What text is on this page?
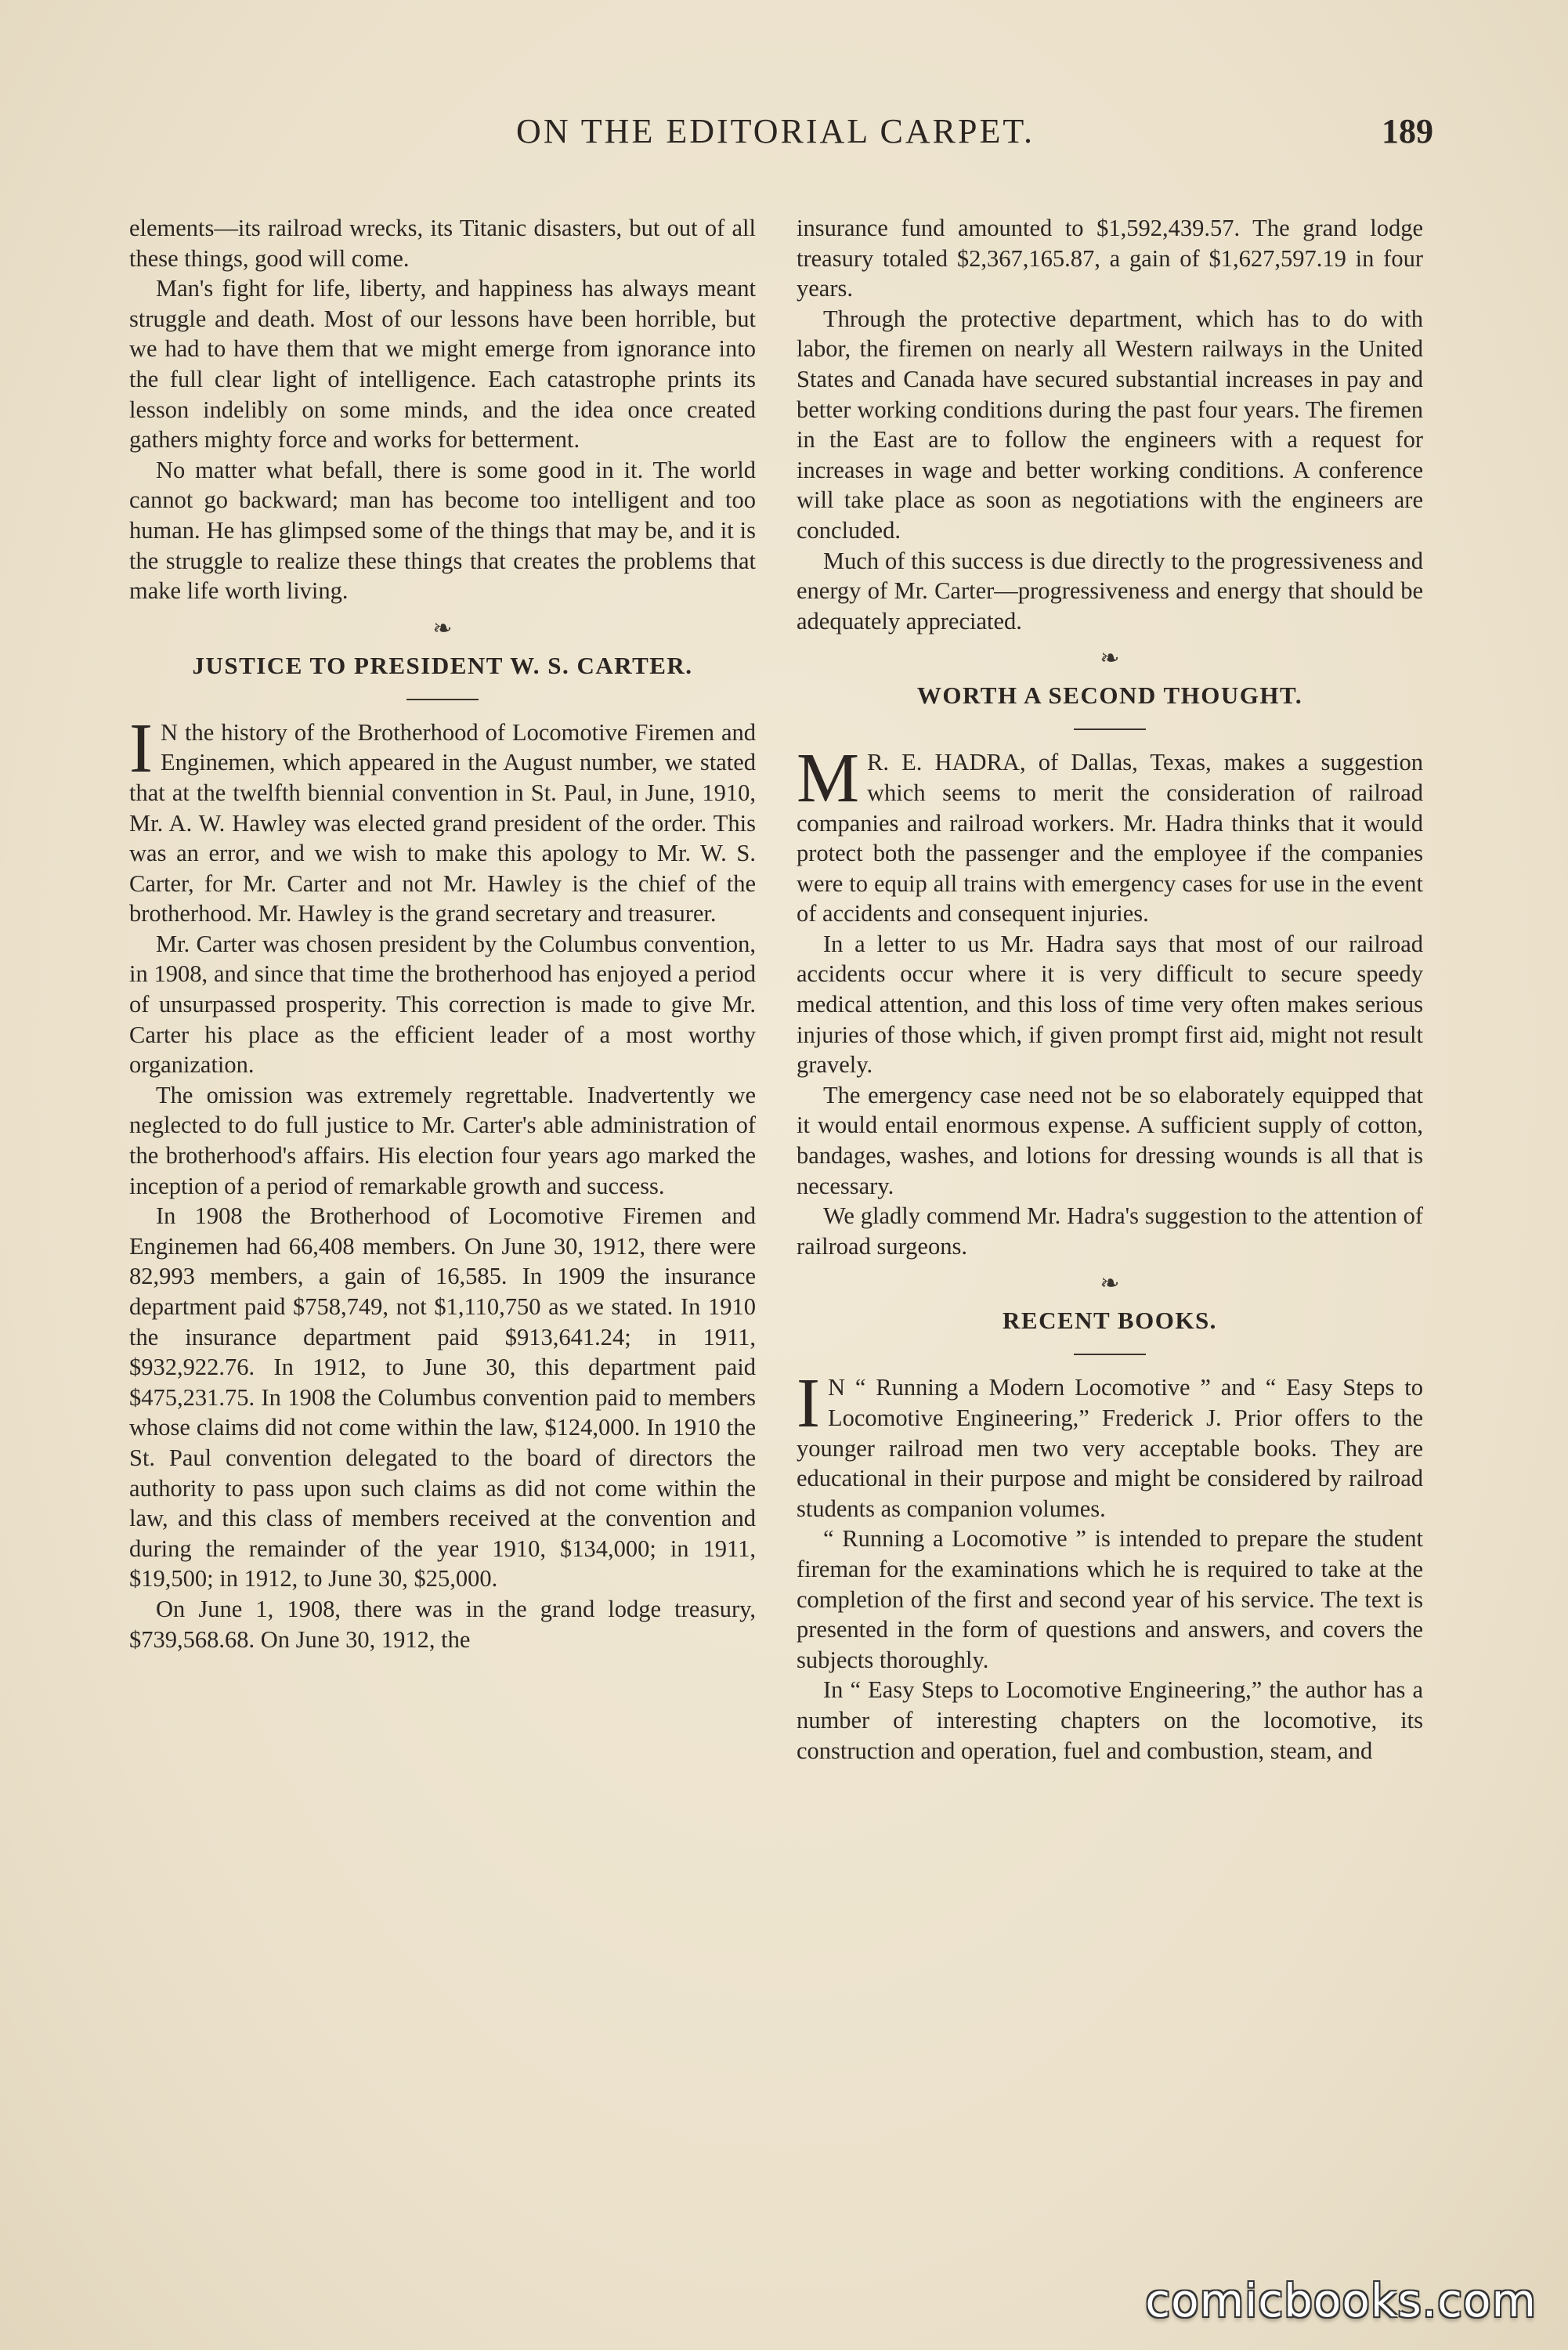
ON THE EDITORIAL CARPET.	189

elements—its railroad wrecks, its Titanic disasters, but out of all these things, good will come.

Man's fight for life, liberty, and happiness has always meant struggle and death. Most of our lessons have been horrible, but we had to have them that we might emerge from ignorance into the full clear light of intelligence. Each catastrophe prints its lesson indelibly on some minds, and the idea once created gathers mighty force and works for betterment.

No matter what befall, there is some good in it. The world cannot go backward; man has become too intelligent and too human. He has glimpsed some of the things that may be, and it is the struggle to realize these things that creates the problems that make life worth living.

❧
JUSTICE TO PRESIDENT W. S. CARTER.

I N the history of the Brotherhood of Locomotive Firemen and Enginemen, which appeared in the August number, we stated that at the twelfth biennial convention in St. Paul, in June, 1910, Mr. A. W. Hawley was elected grand president of the order. This was an error, and we wish to make this apology to Mr. W. S. Carter, for Mr. Carter and not Mr. Hawley is the chief of the brotherhood. Mr. Hawley is the grand secretary and treasurer.

Mr. Carter was chosen president by the Columbus convention, in 1908, and since that time the brotherhood has enjoyed a period of unsurpassed prosperity. This correction is made to give Mr. Carter his place as the efficient leader of a most worthy organization.

The omission was extremely regrettable. Inadvertently we neglected to do full justice to Mr. Carter's able administration of the brotherhood's affairs. His election four years ago marked the inception of a period of remarkable growth and success.

In 1908 the Brotherhood of Locomotive Firemen and Enginemen had 66,408 members. On June 30, 1912, there were 82,993 members, a gain of 16,585. In 1909 the insurance department paid $758,749, not $1,110,750 as we stated. In 1910 the insurance department paid $913,641.24; in 1911, $932,922.76. In 1912, to June 30, this department paid $475,231.75. In 1908 the Columbus convention paid to members whose claims did not come within the law, $124,000. In 1910 the St. Paul convention delegated to the board of directors the authority to pass upon such claims as did not come within the law, and this class of members received at the convention and during the remainder of the year 1910, $134,000; in 1911, $19,500; in 1912, to June 30, $25,000.

On June 1, 1908, there was in the grand lodge treasury, $739,568.68. On June 30, 1912, the

insurance fund amounted to $1,592,439.57. The grand lodge treasury totaled $2,367,165.87, a gain of $1,627,597.19 in four years.

Through the protective department, which has to do with labor, the firemen on nearly all Western railways in the United States and Canada have secured substantial increases in pay and better working conditions during the past four years. The firemen in the East are to follow the engineers with a request for increases in wage and better working conditions. A conference will take place as soon as negotiations with the engineers are concluded.

Much of this success is due directly to the progressiveness and energy of Mr. Carter—progressiveness and energy that should be adequately appreciated.

❧
WORTH A SECOND THOUGHT.

M R. E. HADRA, of Dallas, Texas, makes a suggestion which seems to merit the consideration of railroad companies and railroad workers. Mr. Hadra thinks that it would protect both the passenger and the employee if the companies were to equip all trains with emergency cases for use in the event of accidents and consequent injuries.

In a letter to us Mr. Hadra says that most of our railroad accidents occur where it is very difficult to secure speedy medical attention, and this loss of time very often makes serious injuries of those which, if given prompt first aid, might not result gravely.

The emergency case need not be so elaborately equipped that it would entail enormous expense. A sufficient supply of cotton, bandages, washes, and lotions for dressing wounds is all that is necessary.

We gladly commend Mr. Hadra's suggestion to the attention of railroad surgeons.

❧
RECENT BOOKS.

I N “ Running a Modern Locomotive ” and “ Easy Steps to Locomotive Engineering,” Frederick J. Prior offers to the younger railroad men two very acceptable books. They are educational in their purpose and might be considered by railroad students as companion volumes.

“ Running a Locomotive ” is intended to prepare the student fireman for the examinations which he is required to take at the completion of the first and second year of his service. The text is presented in the form of questions and answers, and covers the subjects thoroughly.

In “ Easy Steps to Locomotive Engineering,” the author has a number of interesting chapters on the locomotive, its construction and operation, fuel and combustion, steam, and

comicbooks.com
